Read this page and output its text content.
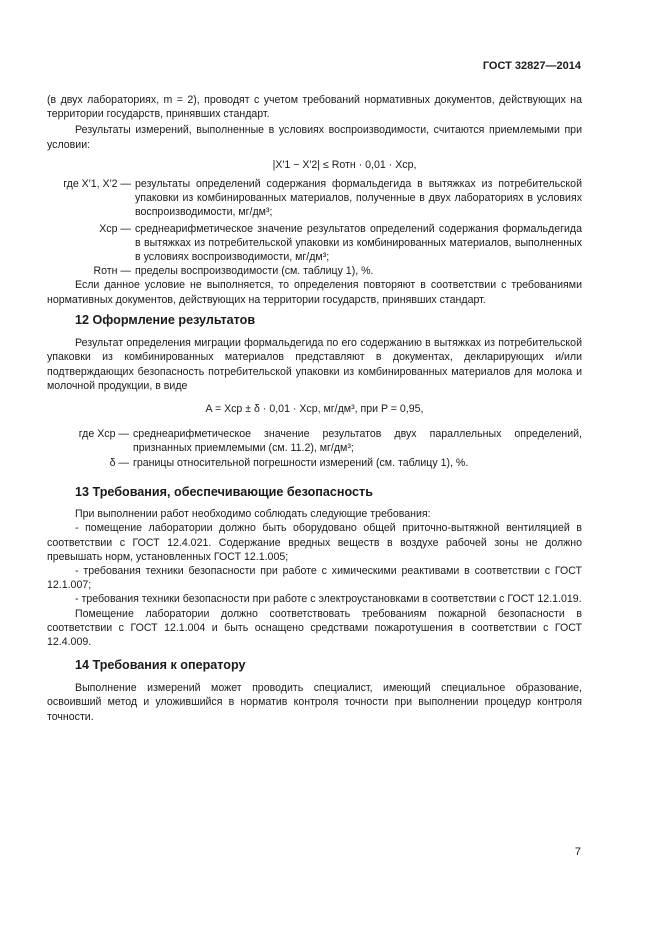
ГОСТ 32827—2014

(в двух лабораториях, m = 2), проводят с учетом требований нормативных документов, действующих на территории государств, принявших стандарт.

Результаты измерений, выполненные в условиях воспроизводимости, считаются приемлемыми при условии:

|X′1 − X′2| ≤ Rотн · 0,01 · Xср,

где X′1, X′2 — результаты определений содержания формальдегида в вытяжках из потребительской упаковки из комбинированных материалов, полученные в двух лабораториях в условиях воспроизводимости, мг/дм³;
Xср — среднеарифметическое значение результатов определений содержания формальдегида в вытяжках из потребительской упаковки из комбинированных материалов, выполненных в условиях воспроизводимости, мг/дм³;
Rотн — пределы воспроизводимости (см. таблицу 1), %.

Если данное условие не выполняется, то определения повторяют в соответствии с требованиями нормативных документов, действующих на территории государств, принявших стандарт.

12 Оформление результатов

Результат определения миграции формальдегида по его содержанию в вытяжках из потребительской упаковки из комбинированных материалов представляют в документах, декларирующих и/или подтверждающих безопасность потребительской упаковки из комбинированных материалов для молока и молочной продукции, в виде

A = Xср ± δ · 0,01 · Xср, мг/дм³, при P = 0,95,

где Xср — среднеарифметическое значение результатов двух параллельных определений, признанных приемлемыми (см. 11.2), мг/дм³;
δ — границы относительной погрешности измерений (см. таблицу 1), %.

13 Требования, обеспечивающие безопасность

При выполнении работ необходимо соблюдать следующие требования:

- помещение лаборатории должно быть оборудовано общей приточно-вытяжной вентиляцией в соответствии с ГОСТ 12.4.021. Содержание вредных веществ в воздухе рабочей зоны не должно превышать норм, установленных ГОСТ 12.1.005;

- требования техники безопасности при работе с химическими реактивами в соответствии с ГОСТ 12.1.007;

- требования техники безопасности при работе с электроустановками в соответствии с ГОСТ 12.1.019.

Помещение лаборатории должно соответствовать требованиям пожарной безопасности в соответствии с ГОСТ 12.1.004 и быть оснащено средствами пожаротушения в соответствии с ГОСТ 12.4.009.

14 Требования к оператору

Выполнение измерений может проводить специалист, имеющий специальное образование, освоивший метод и уложившийся в норматив контроля точности при выполнении процедур контроля точности.

7
